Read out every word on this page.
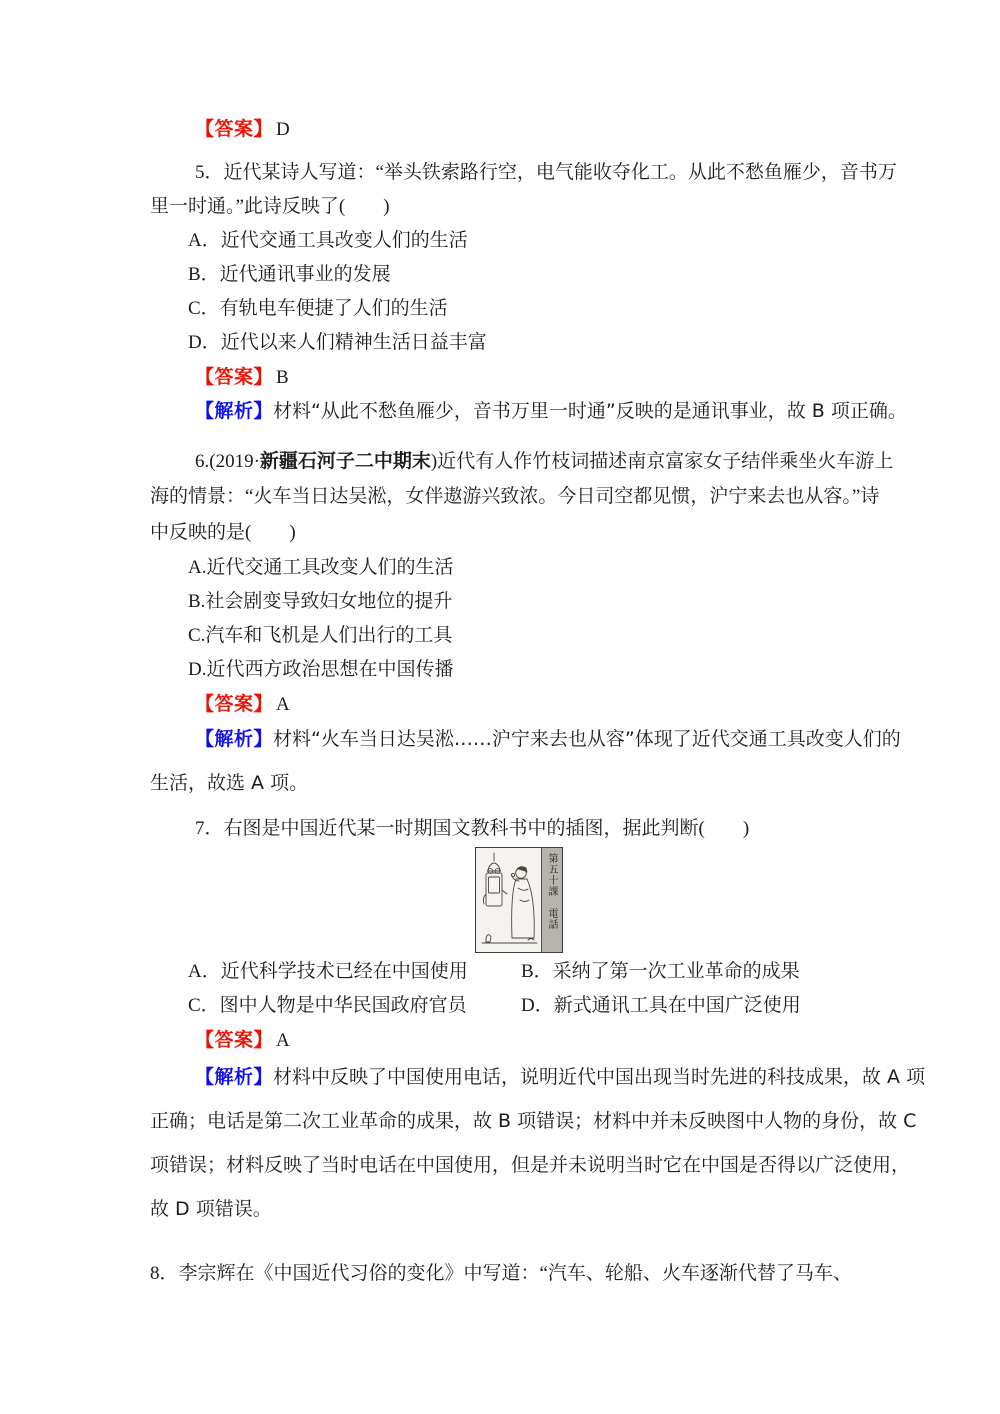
【答案】 D
5．近代某诗人写道：“举头铁索路行空，电气能收夺化工。从此不愁鱼雁少，音书万
里一时通。”此诗反映了(　　)
A．近代交通工具改变人们的生活
B．近代通讯事业的发展
C．有轨电车便捷了人们的生活
D．近代以来人们精神生活日益丰富
【答案】 B
【解析】材料“从此不愁鱼雁少，音书万里一时通”反映的是通讯事业，故 B 项正确。
6.(2019·新疆石河子二中期末)近代有人作竹枝词描述南京富家女子结伴乘坐火车游上
海的情景：“火车当日达吴淞，女伴遨游兴致浓。今日司空都见惯，沪宁来去也从容。”诗
中反映的是(　　)
A.近代交通工具改变人们的生活
B.社会剧变导致妇女地位的提升
C.汽车和飞机是人们出行的工具
D.近代西方政治思想在中国传播
【答案】 A
【解析】材料“火车当日达吴淞……沪宁来去也从容”体现了近代交通工具改变人们的
生活，故选 A 项。
7．右图是中国近代某一时期国文教科书中的插图，据此判断(　　)
第五十課　電話
A．近代科学技术已经在中国使用	B．采纳了第一次工业革命的成果
C．图中人物是中华民国政府官员	D．新式通讯工具在中国广泛使用
【答案】 A
【解析】材料中反映了中国使用电话，说明近代中国出现当时先进的科技成果，故 A 项
正确；电话是第二次工业革命的成果，故 B 项错误；材料中并未反映图中人物的身份，故 C
项错误；材料反映了当时电话在中国使用，但是并未说明当时它在中国是否得以广泛使用，
故 D 项错误。
8．李宗辉在《中国近代习俗的变化》中写道：“汽车、轮船、火车逐渐代替了马车、
